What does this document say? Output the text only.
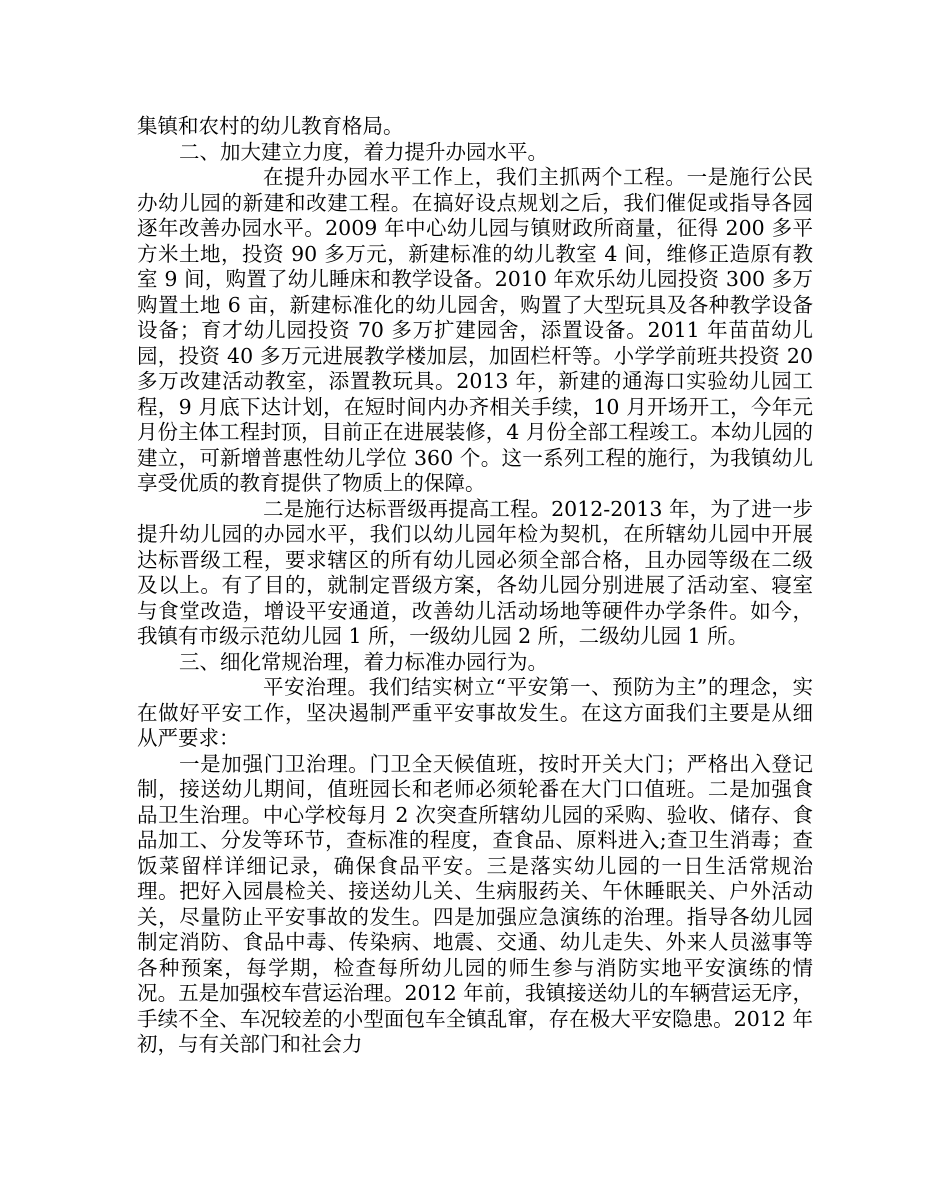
集镇和农村的幼儿教育格局。

二、加大建立力度，着力提升办园水平。

在提升办园水平工作上，我们主抓两个工程。一是施行公民办幼儿园的新建和改建工程。在搞好设点规划之后，我们催促或指导各园逐年改善办园水平。2009 年中心幼儿园与镇财政所商量，征得 200 多平方米土地，投资 90 多万元，新建标准的幼儿教室 4 间，维修正造原有教室 9 间，购置了幼儿睡床和教学设备。2010 年欢乐幼儿园投资 300 多万购置土地 6 亩，新建标准化的幼儿园舍，购置了大型玩具及各种教学设备设备；育才幼儿园投资 70 多万扩建园舍，添置设备。2011 年苗苗幼儿园，投资 40 多万元进展教学楼加层，加固栏杆等。小学学前班共投资 20 多万改建活动教室，添置教玩具。2013 年，新建的通海口实验幼儿园工程，9 月底下达计划，在短时间内办齐相关手续，10 月开场开工，今年元月份主体工程封顶，目前正在进展装修，4 月份全部工程竣工。本幼儿园的建立，可新增普惠性幼儿学位 360 个。这一系列工程的施行，为我镇幼儿享受优质的教育提供了物质上的保障。

二是施行达标晋级再提高工程。2012-2013 年，为了进一步提升幼儿园的办园水平，我们以幼儿园年检为契机，在所辖幼儿园中开展达标晋级工程，要求辖区的所有幼儿园必须全部合格，且办园等级在二级及以上。有了目的，就制定晋级方案，各幼儿园分别进展了活动室、寝室与食堂改造，增设平安通道，改善幼儿活动场地等硬件办学条件。如今，我镇有市级示范幼儿园 1 所，一级幼儿园 2 所，二级幼儿园 1 所。

三、细化常规治理，着力标准办园行为。

平安治理。我们结实树立“平安第一、预防为主”的理念，实在做好平安工作，坚决遏制严重平安事故发生。在这方面我们主要是从细从严要求：

一是加强门卫治理。门卫全天候值班，按时开关大门；严格出入登记制，接送幼儿期间，值班园长和老师必须轮番在大门口值班。二是加强食品卫生治理。中心学校每月 2 次突查所辖幼儿园的采购、验收、储存、食品加工、分发等环节，查标准的程度，查食品、原料进入;查卫生消毒；查饭菜留样详细记录，确保食品平安。三是落实幼儿园的一日生活常规治理。把好入园晨检关、接送幼儿关、生病服药关、午休睡眠关、户外活动关，尽量防止平安事故的发生。四是加强应急演练的治理。指导各幼儿园制定消防、食品中毒、传染病、地震、交通、幼儿走失、外来人员滋事等各种预案，每学期，检查每所幼儿园的师生参与消防实地平安演练的情况。五是加强校车营运治理。2012 年前，我镇接送幼儿的车辆营运无序，手续不全、车况较差的小型面包车全镇乱窜，存在极大平安隐患。2012 年初，与有关部门和社会力
